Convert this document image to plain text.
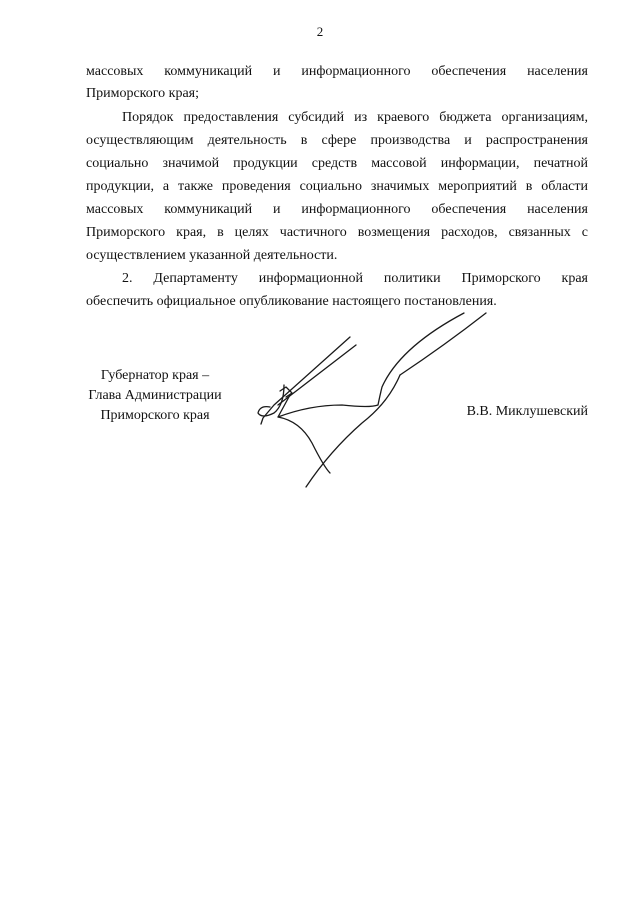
2
массовых коммуникаций и информационного обеспечения населения
Приморского края;
Порядок предоставления субсидий из краевого бюджета организациям,
осуществляющим деятельность в сфере производства и распространения
социально значимой продукции средств массовой информации, печатной
продукции, а также проведения социально значимых мероприятий в области
массовых коммуникаций и информационного обеспечения населения
Приморского края, в целях частичного возмещения расходов, связанных с
осуществлением указанной деятельности.
2. Департаменту информационной политики Приморского края
обеспечить официальное опубликование настоящего постановления.
Губернатор края –
Глава Администрации
Приморского края	В.В. Миклушевский
